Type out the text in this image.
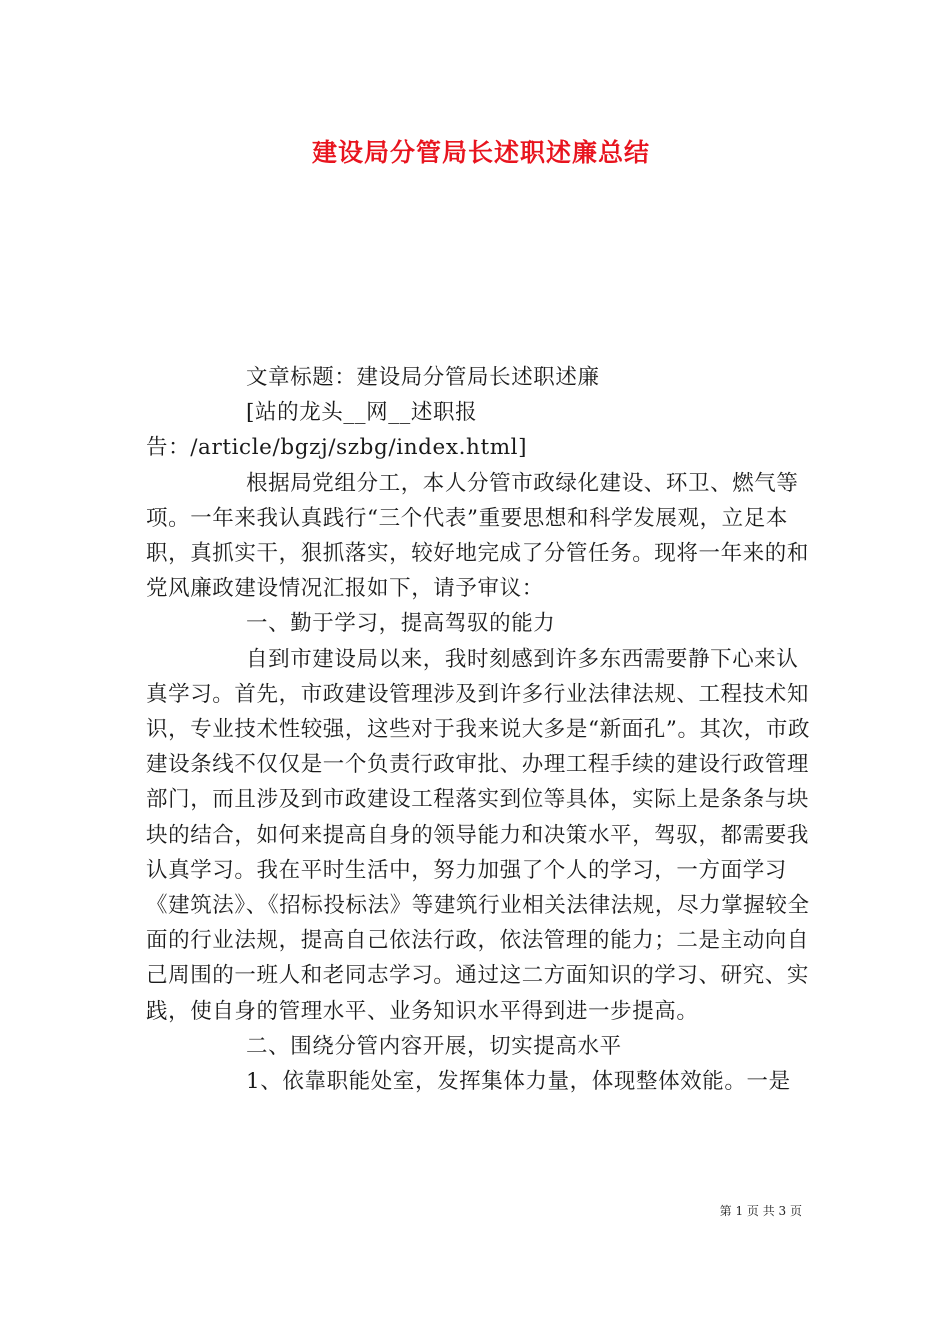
建设局分管局长述职述廉总结

文章标题：建设局分管局长述职述廉

[站的龙头__网__述职报告：/article/bgzj/szbg/index.html]

根据局党组分工，本人分管市政绿化建设、环卫、燃气等项。一年来我认真践行“三个代表”重要思想和科学发展观，立足本职，真抓实干，狠抓落实，较好地完成了分管任务。现将一年来的和党风廉政建设情况汇报如下，请予审议：

一、勤于学习，提高驾驭的能力

自到市建设局以来，我时刻感到许多东西需要静下心来认真学习。首先，市政建设管理涉及到许多行业法律法规、工程技术知识，专业技术性较强，这些对于我来说大多是“新面孔”。其次，市政建设条线不仅仅是一个负责行政审批、办理工程手续的建设行政管理部门，而且涉及到市政建设工程落实到位等具体，实际上是条条与块块的结合，如何来提高自身的领导能力和决策水平，驾驭，都需要我认真学习。我在平时生活中，努力加强了个人的学习，一方面学习《建筑法》、《招标投标法》等建筑行业相关法律法规，尽力掌握较全面的行业法规，提高自己依法行政，依法管理的能力；二是主动向自己周围的一班人和老同志学习。通过这二方面知识的学习、研究、实践，使自身的管理水平、业务知识水平得到进一步提高。

二、围绕分管内容开展，切实提高水平

1、依靠职能处室，发挥集体力量，体现整体效能。一是

第 1 页 共 3 页
